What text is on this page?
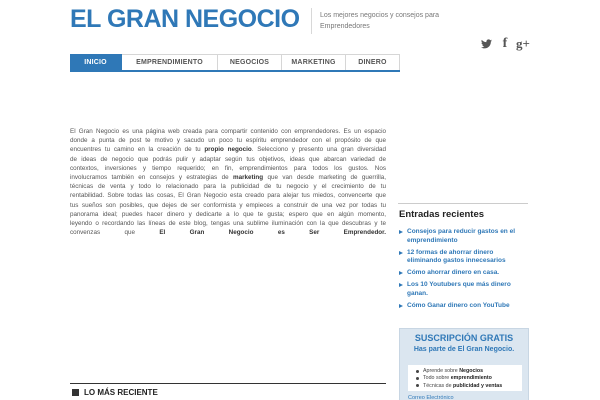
EL GRAN NEGOCIO	Los mejores negocios y consejos para Emprendedores
f g+
INICIO	EMPRENDIMIENTO	NEGOCIOS	MARKETING	DINERO
El Gran Negocio es una página web creada para compartir contenido con emprendedores. Es un espacio
donde a punta de post te motivo y sacudo un poco tu espíritu emprendedor con el propósito de que
encuentres tu camino en la creación de tu propio negocio. Selecciono y presento una gran diversidad
de ideas de negocio que podrás pulir y adaptar según tus objetivos, ideas que abarcan variedad de
contextos, inversiones y tiempo requerido; en fin, emprendimientos para todos los gustos. Nos
involucramos también en consejos y estrategias de marketing que van desde marketing de guerrilla,
técnicas de venta y todo lo relacionado para la publicidad de tu negocio y el crecimiento de tu
rentabilidad. Sobre todas las cosas, El Gran Negocio esta creado para alejar tus miedos, convencerte que
tus sueños son posibles, que dejes de ser conformista y empieces a construir de una vez por todas tu
panorama ideal; puedes hacer dinero y dedicarte a lo que te gusta; espero que en algún momento,
leyendo o recordando las líneas de este blog, tengas una sublime iluminación con la que descubras y te
convenzas	que	El Gran Negocio es Ser Emprendedor.
Entradas recientes
Consejos para reducir gastos en el emprendimiento
12 formas de ahorrar dinero eliminando gastos innecesarios
Cómo ahorrar dinero en casa.
Los 10 Youtubers que más dinero ganan.
Cómo Ganar dinero con YouTube
SUSCRIPCIÓN GRATIS
Has parte de El Gran Negocio.
Aprende sobre Negocios
Todo sobre emprendimiento
Técnicas de publicidad y ventas
Correo Electrónico
LO MÁS RECIENTE
